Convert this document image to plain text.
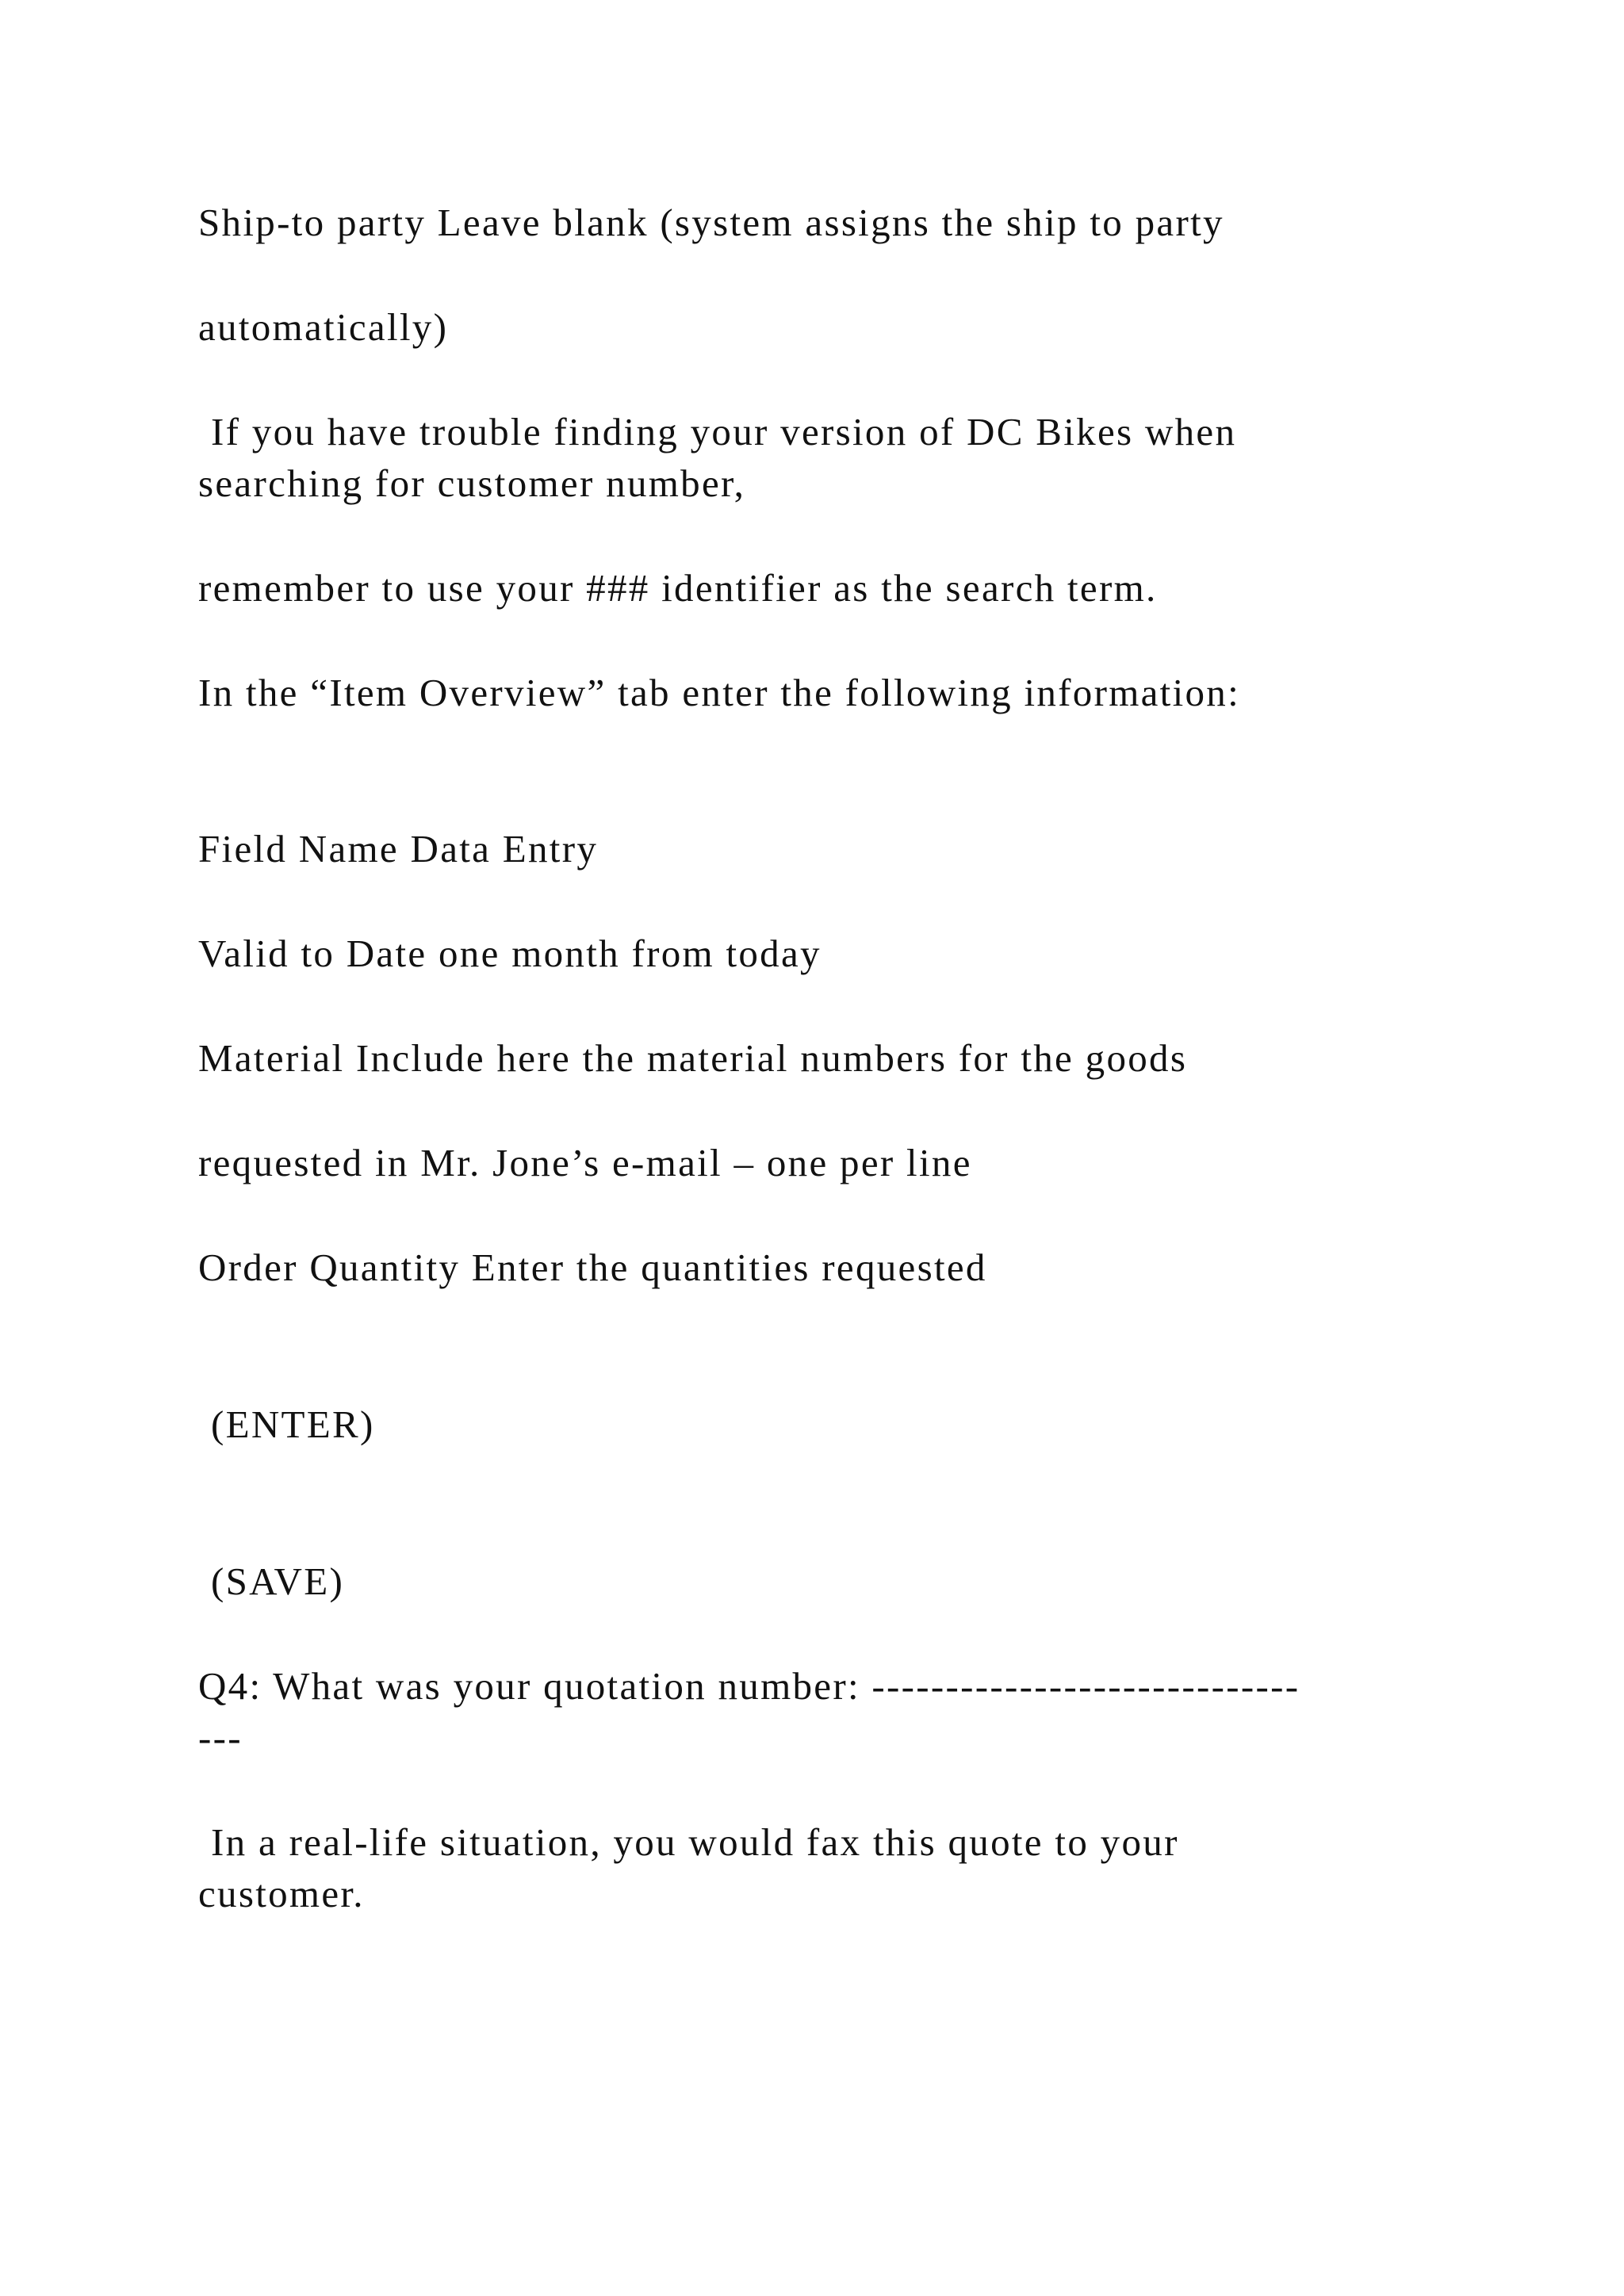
Ship-to party Leave blank (system assigns the ship to party

automatically)

If you have trouble finding your version of DC Bikes when

searching for customer number,

remember to use your ### identifier as the search term.

In the “Item Overview” tab enter the following information:

Field Name Data Entry

Valid to Date one month from today

Material Include here the material numbers for the goods

requested in Mr. Jone’s e-mail – one per line

Order Quantity Enter the quantities requested

(ENTER)

(SAVE)

Q4: What was your quotation number: -----------------------------

---

In a real-life situation, you would fax this quote to your

customer.
